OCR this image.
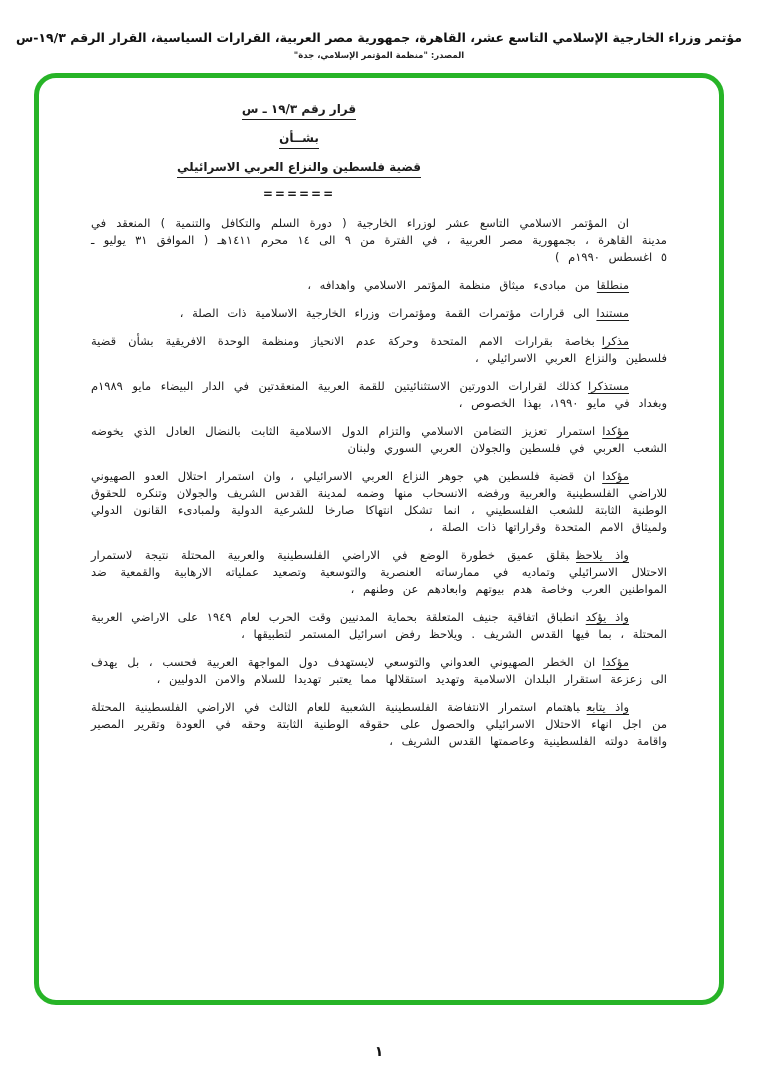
مؤتمر وزراء الخارجية الإسلامي التاسع عشر، القاهرة، جمهورية مصر العربية، القرارات السياسية، القرار الرقم ١٩/٣-س
المصدر: "منظمة المؤتمر الإسلامي، جدة"
قرار رقم ١٩/٣ ـ س
بشــأن
قضية فلسطين والنزاع العربي الاسرائيلي
======

ان المؤتمر الاسلامي التاسع عشر لوزراء الخارجية ( دورة السلم والتكافل والتنمية ) المنعقد في مدينة القاهرة ، بجمهورية مصر العربية ، في الفترة من ٩ الى ١٤ محرم ١٤١١هـ ( الموافق ٣١ يوليو ـ ٥ اغسطس ١٩٩٠م )

منطلقامن مبادىء ميثاق منظمة المؤتمر الاسلامي واهدافه ،

مستنداالى قرارات مؤتمرات القمة ومؤتمرات وزراء الخارجية الاسلامية ذات الصلة ،

مذكرابخاصة بقرارات الامم المتحدة وحركة عدم الانحياز ومنظمة الوحدة الافريقية بشأن قضية فلسطين والنزاع العربي الاسرائيلي ،

مستذكراكذلك لقرارات الدورتين الاستثنائيتين للقمة العربية المنعقدتين في الدار البيضاء مايو ١٩٨٩م وبغداد في مايو ١٩٩٠، بهذا الخصوص ،

مؤكدااستمرار تعزيز التضامن الاسلامي والتزام الدول الاسلامية الثابت بالنضال العادل الذي يخوضه الشعب العربي في فلسطين والجولان العربي السوري ولبنان

مؤكداان قضية فلسطين هي جوهر النزاع العربي الاسرائيلي ، وان استمرار احتلال العدو الصهيوني للاراضي الفلسطينية والعربية ورفضه الانسحاب منها وضمه لمدينة القدس الشريف والجولان وتنكره للحقوق الوطنية الثابتة للشعب الفلسطيني ، انما تشكل انتهاكا صارخا للشرعية الدولية ولمبادىء القانون الدولي ولميثاق الامم المتحدة وقراراتها ذات الصلة ،

واذ يلاحظبقلق عميق خطورة الوضع في الاراضي الفلسطينية والعربية المحتلة نتيجة لاستمرار الاحتلال الاسرائيلي وتماديه في ممارساته العنصرية والتوسعية وتصعيد عملياته الارهابية والقمعية ضد المواطنين العرب وخاصة هدم بيوتهم وابعادهم عن وطنهم ،

واذ يؤكدانطباق اتفاقية جنيف المتعلقة بحماية المدنيين وقت الحرب لعام ١٩٤٩ على الاراضي العربية المحتلة ، بما فيها القدس الشريف . ويلاحظ رفض اسرائيل المستمر لتطبيقها ،

مؤكداان الخطر الصهيوني العدواني والتوسعي لايستهدف دول المواجهة العربية فحسب ، بل يهدف الى زعزعة استقرار البلدان الاسلامية وتهديد استقلالها مما يعتبر تهديدا للسلام والامن الدوليين ،

واذ يتابعباهتمام استمرار الانتفاضة الفلسطينية الشعبية للعام الثالث في الاراضي الفلسطينية المحتلة من اجل انهاء الاحتلال الاسرائيلي والحصول على حقوقه الوطنية الثابتة وحقه في العودة وتقرير المصير واقامة دولته الفلسطينية وعاصمتها القدس الشريف ،

١
